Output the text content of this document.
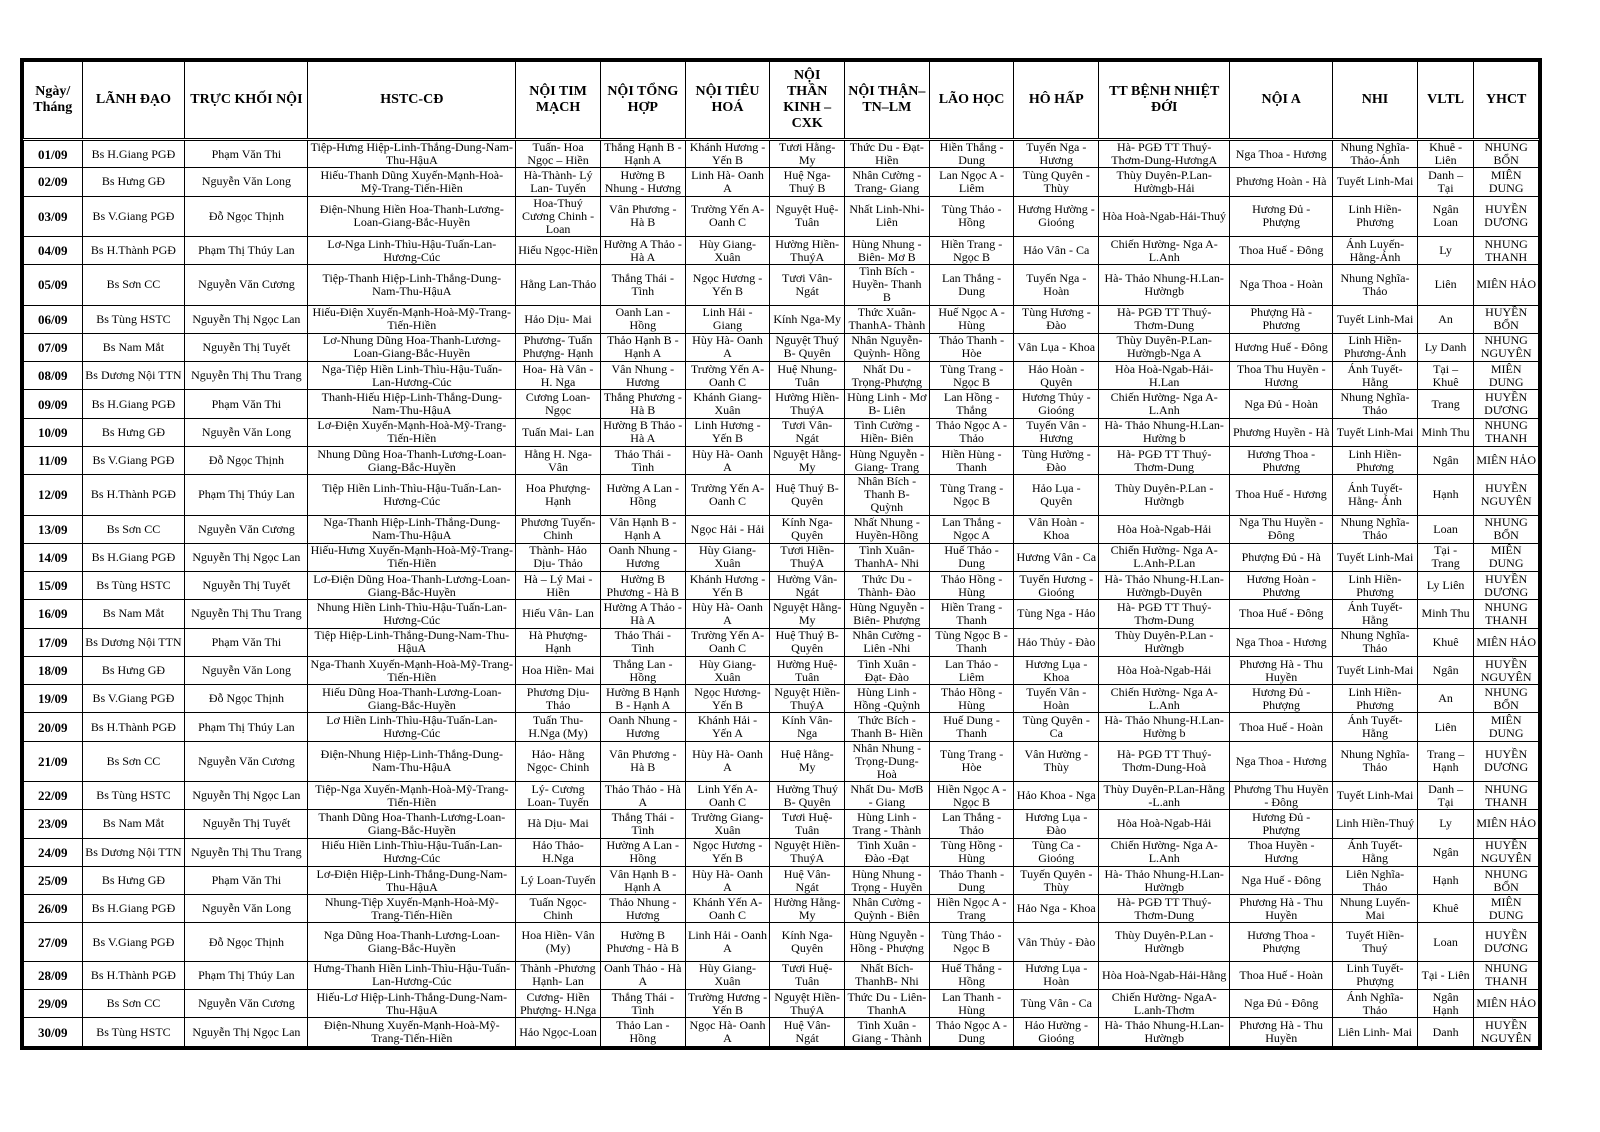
Ngày/ Tháng	LÃNH ĐẠO	TRỰC KHỐI NỘI	HSTC-CĐ	NỘI TIM MẠCH	NỘI TỔNG HỢP	NỘI TIÊU HOÁ	NỘI THẦN KINH – CXK	NỘI THẬN–TN–LM	LÃO HỌC	HÔ HẤP	TT BỆNH NHIỆT ĐỚI	NỘI A	NHI	VLTL	YHCT
01/09	Bs H.Giang PGĐ	Phạm Văn Thi	Tiệp-Hưng Hiệp-Linh-Thắng-Dung-Nam-Thu-HậuA	Tuấn- Hoa Ngọc – Hiền	Thắng Hạnh B - Hạnh A	Khánh Hương - Yến B	Tươi Hằng-My	Thức Du - Đạt-Hiền	Hiền Thắng - Dung	Tuyến Nga - Hương	Hà- PGĐ TT Thuý-Thơm-Dung-HươngA	Nga Thoa - Hương	Nhung Nghĩa-Thảo-Ánh	Khuê - Liên	NHUNG BỔN
02/09	Bs Hưng GĐ	Nguyễn Văn Long	Hiếu-Thanh Dũng Xuyến-Mạnh-Hoà-Mỹ-Trang-Tiến-Hiền	Hà-Thành- Lý Lan- Tuyến	Hường B Nhung - Hương	Linh Hà- Oanh A	Huệ Nga-Thuý B	Nhân Cường - Trang- Giang	Lan Ngọc A - Liêm	Tùng Quyên - Thùy	Thùy Duyên-P.Lan-Hườngb-Hải	Phương Hoàn - Hà	Tuyết Linh-Mai	Danh – Tại	MIÊN DUNG
03/09	Bs V.Giang PGĐ	Đỗ Ngọc Thịnh	Điện-Nhung Hiền Hoa-Thanh-Lương-Loan-Giang-Bắc-Huyền	Hoa-Thuý Cương Chinh - Loan	Vân Phương - Hà B	Trường Yến A-Oanh C	Nguyệt Huệ-Tuân	Nhất Linh-Nhi- Liên	Tùng Thảo - Hồng	Hương Hường - Gioóng	Hòa Hoà-Ngab-Hải-Thuý	Hương Đủ - Phượng	Linh Hiền-Phương	Ngân Loan	HUYỀN DƯƠNG
04/09	Bs H.Thành PGĐ	Phạm Thị Thúy Lan	Lơ-Nga Linh-Thìu-Hậu-Tuấn-Lan-Hương-Cúc	Hiếu Ngọc-Hiền	Hường A Thảo - Hà A	Hùy Giang-Xuân	Hường Hiền-ThuýA	Hùng Nhung - Biên- Mơ B	Hiền Trang - Ngọc B	Hảo Vân - Ca	Chiến Hường- Nga A-L.Anh	Thoa Huế - Đông	Ánh Luyến-Hằng-Ánh	Ly	NHUNG THANH
05/09	Bs Sơn CC	Nguyễn Văn Cương	Tiệp-Thanh Hiệp-Linh-Thắng-Dung-Nam-Thu-HậuA	Hằng Lan-Thảo	Thắng Thái - Tình	Ngọc Hương - Yến B	Tươi Vân-Ngát	Tình Bích - Huyền- Thanh B	Lan Thắng - Dung	Tuyến Nga - Hoàn	Hà- Thảo Nhung-H.Lan-Hườngb	Nga Thoa - Hoàn	Nhung Nghĩa-Thảo	Liên	MIÊN HẢO
06/09	Bs Tùng HSTC	Nguyễn Thị Ngọc Lan	Hiếu-Điện Xuyến-Mạnh-Hoà-Mỹ-Trang-Tiến-Hiền	Hảo Dịu- Mai	Oanh Lan - Hồng	Linh Hải - Giang	Kính Nga-My	Thức Xuân-ThanhA- Thành	Huế Ngọc A - Hùng	Tùng Hương - Đào	Hà- PGĐ TT Thuý-Thơm-Dung	Phượng Hà - Phương	Tuyết Linh-Mai	An	HUYỀN BỔN
07/09	Bs Nam Mắt	Nguyễn Thị Tuyết	Lơ-Nhung Dũng Hoa-Thanh-Lương-Loan-Giang-Bắc-Huyền	Phương- Tuấn Phượng- Hạnh	Thảo Hạnh B - Hạnh A	Hùy Hà- Oanh A	Nguyệt Thuý B- Quyên	Nhân Nguyễn-Quỳnh- Hồng	Thảo Thanh - Hòe	Vân Lụa - Khoa	Thùy Duyên-P.Lan-Hườngb-Nga A	Hương Huế - Đông	Linh Hiền-Phương-Ánh	Ly Danh	NHUNG NGUYÊN
08/09	Bs Dương Nội TTN	Nguyễn Thị Thu Trang	Nga-Tiệp Hiền Linh-Thìu-Hậu-Tuấn-Lan-Hương-Cúc	Hoa- Hà Vân - H. Nga	Vân Nhung - Hương	Trường Yến A-Oanh C	Huệ Nhung-Tuân	Nhất Du - Trọng-Phượng	Tùng Trang - Ngọc B	Hảo Hoàn - Quyên	Hòa Hoà-Ngab-Hải-H.Lan	Thoa Thu Huyền - Hương	Ánh Tuyết-Hằng	Tại – Khuê	MIÊN DUNG
09/09	Bs H.Giang PGĐ	Phạm Văn Thi	Thanh-Hiếu Hiệp-Linh-Thắng-Dung-Nam-Thu-HậuA	Cương Loan-Ngọc	Thắng Phương - Hà B	Khánh Giang-Xuân	Hường Hiền-ThuýA	Hùng Linh - Mơ B- Liên	Lan Hồng - Thắng	Hương Thủy - Gioóng	Chiến Hường- Nga A-L.Anh	Nga Đủ - Hoàn	Nhung Nghĩa-Thảo	Trang	HUYỀN DƯƠNG
10/09	Bs Hưng GĐ	Nguyễn Văn Long	Lơ-Điện Xuyến-Mạnh-Hoà-Mỹ-Trang-Tiến-Hiền	Tuấn Mai- Lan	Hường B Thảo - Hà A	Linh Hương - Yến B	Tươi Vân-Ngát	Tình Cường - Hiền- Biên	Thảo Ngọc A - Thảo	Tuyến Vân - Hương	Hà- Thảo Nhung-H.Lan-Hường b	Phương Huyền - Hà	Tuyết Linh-Mai	Minh Thu	NHUNG THANH
11/09	Bs V.Giang PGĐ	Đỗ Ngọc Thịnh	Nhung Dũng Hoa-Thanh-Lương-Loan-Giang-Bắc-Huyền	Hằng H. Nga-Vân	Thảo Thái - Tình	Hùy Hà- Oanh A	Nguyệt Hằng- My	Hùng Nguyễn - Giang- Trang	Hiền Hùng - Thanh	Tùng Hường - Đào	Hà- PGĐ TT Thuý-Thơm-Dung	Hương Thoa - Phương	Linh Hiền-Phương	Ngân	MIÊN HẢO
12/09	Bs H.Thành PGĐ	Phạm Thị Thúy Lan	Tiệp Hiền Linh-Thìu-Hậu-Tuấn-Lan-Hương-Cúc	Hoa Phượng-Hạnh	Hường A Lan - Hồng	Trường Yến A-Oanh C	Huệ Thuý B-Quyên	Nhân Bích - Thanh B- Quỳnh	Tùng Trang - Ngọc B	Hảo Lụa - Quyên	Thùy Duyên-P.Lan -Hườngb	Thoa Huế - Hương	Ánh Tuyết-Hằng- Ánh	Hạnh	HUYỀN NGUYÊN
13/09	Bs Sơn CC	Nguyễn Văn Cương	Nga-Thanh Hiệp-Linh-Thắng-Dung-Nam-Thu-HậuA	Phương Tuyến-Chinh	Vân Hạnh B - Hạnh A	Ngọc Hải - Hải	Kính Nga-Quyên	Nhất Nhung - Huyền-Hồng	Lan Thắng - Ngọc A	Vân Hoàn - Khoa	Hòa Hoà-Ngab-Hải	Nga Thu Huyền - Đông	Nhung Nghĩa-Thảo	Loan	NHUNG BỔN
14/09	Bs H.Giang PGĐ	Nguyễn Thị Ngọc Lan	Hiếu-Hưng Xuyến-Mạnh-Hoà-Mỹ-Trang-Tiến-Hiền	Thành- Hảo Dịu- Thảo	Oanh Nhung - Hương	Hùy Giang-Xuân	Tươi Hiền-ThuýA	Tình Xuân-ThanhA- Nhi	Huế Thảo - Dung	Hương Vân - Ca	Chiến Hường- Nga A-L.Anh-P.Lan	Phượng Đủ - Hà	Tuyết Linh-Mai	Tại - Trang	MIÊN DUNG
15/09	Bs Tùng HSTC	Nguyễn Thị Tuyết	Lơ-Điện Dũng Hoa-Thanh-Lương-Loan-Giang-Bắc-Huyền	Hà – Lý Mai - Hiền	Hường B Phương - Hà B	Khánh Hương - Yến B	Hường Vân-Ngát	Thức Du - Thành- Đào	Thảo Hồng - Hùng	Tuyến Hương - Gioóng	Hà- Thảo Nhung-H.Lan-Hườngb-Duyên	Hương Hoàn - Phương	Linh Hiền-Phương	Ly Liên	HUYỀN DƯƠNG
16/09	Bs Nam Mắt	Nguyễn Thị Thu Trang	Nhung Hiền Linh-Thìu-Hậu-Tuấn-Lan-Hương-Cúc	Hiếu Vân- Lan	Hường A Thảo - Hà A	Hùy Hà- Oanh A	Nguyệt Hằng- My	Hùng Nguyễn - Biên- Phượng	Hiền Trang - Thanh	Tùng Nga - Hảo	Hà- PGĐ TT Thuý-Thơm-Dung	Thoa Huế - Đông	Ánh Tuyết-Hằng	Minh Thu	NHUNG THANH
17/09	Bs Dương Nội TTN	Phạm Văn Thi	Tiệp Hiệp-Linh-Thắng-Dung-Nam-Thu-HậuA	Hà Phượng-Hạnh	Thảo Thái - Tình	Trường Yến A-Oanh C	Huệ Thuý B-Quyên	Nhân Cường - Liên -Nhi	Tùng Ngọc B - Thanh	Hảo Thủy - Đào	Thùy Duyên-P.Lan -Hườngb	Nga Thoa - Hương	Nhung Nghĩa-Thảo	Khuê	MIÊN HẢO
18/09	Bs Hưng GĐ	Nguyễn Văn Long	Nga-Thanh Xuyến-Mạnh-Hoà-Mỹ-Trang-Tiến-Hiền	Hoa Hiền- Mai	Thắng Lan - Hồng	Hùy Giang-Xuân	Hường Huệ-Tuân	Tình Xuân - Đạt- Đào	Lan Thảo - Liêm	Hương Lụa - Khoa	Hòa Hoà-Ngab-Hải	Phương Hà - Thu Huyền	Tuyết Linh-Mai	Ngân	HUYỀN NGUYÊN
19/09	Bs V.Giang PGĐ	Đỗ Ngọc Thịnh	Hiếu Dũng Hoa-Thanh-Lương-Loan-Giang-Bắc-Huyền	Phương Dịu-Thảo	Hường B Hạnh B - Hạnh A	Ngọc Hương-Yến B	Nguyệt Hiền-ThuýA	Hùng Linh - Hồng -Quỳnh	Thảo Hồng - Hùng	Tuyến Vân - Hoàn	Chiến Hường- Nga A-L.Anh	Hương Đủ - Phượng	Linh Hiền-Phương	An	NHUNG BỔN
20/09	Bs H.Thành PGĐ	Phạm Thị Thúy Lan	Lơ Hiền Linh-Thìu-Hậu-Tuấn-Lan-Hương-Cúc	Tuấn Thu-H.Nga (My)	Oanh Nhung - Hương	Khánh Hải - Yến A	Kính Vân-Nga	Thức Bích - Thanh B- Hiền	Huế Dung - Thanh	Tùng Quyên - Ca	Hà- Thảo Nhung-H.Lan-Hường b	Thoa Huế - Hoàn	Ánh Tuyết-Hằng	Liên	MIÊN DUNG
21/09	Bs Sơn CC	Nguyễn Văn Cương	Điện-Nhung Hiệp-Linh-Thắng-Dung-Nam-Thu-HậuA	Hảo- Hằng Ngọc- Chinh	Vân Phương - Hà B	Hùy Hà- Oanh A	Huệ Hằng-My	Nhân Nhung - Trọng-Dung-Hoà	Tùng Trang - Hòe	Vân Hường - Thùy	Hà- PGĐ TT Thuý-Thơm-Dung-Hoà	Nga Thoa - Hương	Nhung Nghĩa-Thảo	Trang – Hạnh	HUYỀN DƯƠNG
22/09	Bs Tùng HSTC	Nguyễn Thị Ngọc Lan	Tiệp-Nga Xuyến-Mạnh-Hoà-Mỹ-Trang-Tiến-Hiền	Lý- Cương Loan- Tuyến	Thảo Thảo - Hà A	Linh Yến A-Oanh C	Hường Thuý B- Quyên	Nhất Du- MơB - Giang	Hiền Ngọc A - Ngọc B	Hảo Khoa - Nga	Thùy Duyên-P.Lan-Hằng -L.anh	Phương Thu Huyền - Đông	Tuyết Linh-Mai	Danh – Tại	NHUNG THANH
23/09	Bs Nam Mắt	Nguyễn Thị Tuyết	Thanh Dũng Hoa-Thanh-Lương-Loan-Giang-Bắc-Huyền	Hà Dịu- Mai	Thắng Thái - Tình	Trường Giang-Xuân	Tươi Huệ-Tuân	Hùng Linh - Trang - Thành	Lan Thắng - Thảo	Hương Lụa - Đào	Hòa Hoà-Ngab-Hải	Hương Đủ - Phượng	Linh Hiền-Thuý	Ly	MIÊN HẢO
24/09	Bs Dương Nội TTN	Nguyễn Thị Thu Trang	Hiếu Hiền Linh-Thìu-Hậu-Tuấn-Lan-Hương-Cúc	Hảo Thảo-H.Nga	Hường A Lan - Hồng	Ngọc Hương - Yến B	Nguyệt Hiền-ThuýA	Tình Xuân - Đào -Đạt	Tùng Hồng - Hùng	Tùng Ca - Gioóng	Chiến Hường- Nga A-L.Anh	Thoa Huyền - Hương	Ánh Tuyết-Hằng	Ngân	HUYỀN NGUYÊN
25/09	Bs Hưng GĐ	Phạm Văn Thi	Lơ-Điện Hiệp-Linh-Thắng-Dung-Nam-Thu-HậuA	Lý Loan-Tuyến	Vân Hạnh B - Hạnh A	Hùy Hà- Oanh A	Huệ Vân-Ngát	Hùng Nhung - Trọng - Huyền	Thảo Thanh - Dung	Tuyến Quyên - Thùy	Hà- Thảo Nhung-H.Lan-Hườngb	Nga Huế - Đông	Liên Nghĩa-Thảo	Hạnh	NHUNG BỔN
26/09	Bs H.Giang PGĐ	Nguyễn Văn Long	Nhung-Tiệp Xuyến-Mạnh-Hoà-Mỹ-Trang-Tiến-Hiền	Tuấn Ngọc-Chinh	Thảo Nhung - Hương	Khánh Yến A-Oanh C	Hường Hằng-My	Nhân Cường - Quỳnh - Biên	Hiền Ngọc A - Trang	Hảo Nga - Khoa	Hà- PGĐ TT Thuý-Thơm-Dung	Phương Hà - Thu Huyền	Nhung Luyến-Mai	Khuê	MIÊN DUNG
27/09	Bs V.Giang PGĐ	Đỗ Ngọc Thịnh	Nga Dũng Hoa-Thanh-Lương-Loan-Giang-Bắc-Huyền	Hoa Hiền- Vân (My)	Hường B Phương - Hà B	Linh Hải - Oanh A	Kính Nga-Quyên	Hùng Nguyễn - Hồng - Phượng	Tùng Thảo - Ngọc B	Vân Thủy - Đào	Thùy Duyên-P.Lan -Hườngb	Hương Thoa - Phượng	Tuyết Hiền-Thuý	Loan	HUYỀN DƯƠNG
28/09	Bs H.Thành PGĐ	Phạm Thị Thúy Lan	Hưng-Thanh Hiền Linh-Thìu-Hậu-Tuấn-Lan-Hương-Cúc	Thành -Phương Hạnh- Lan	Oanh Thảo - Hà A	Hùy Giang-Xuân	Tươi Huệ-Tuân	Nhất Bích-ThanhB- Nhi	Huế Thắng - Hồng	Hương Lụa - Hoàn	Hòa Hoà-Ngab-Hải-Hằng	Thoa Huế - Hoàn	Linh Tuyết-Phượng	Tại - Liên	NHUNG THANH
29/09	Bs Sơn CC	Nguyễn Văn Cương	Hiếu-Lơ Hiệp-Linh-Thắng-Dung-Nam-Thu-HậuA	Cương- Hiền Phượng- H.Nga	Thắng Thái - Tình	Trường Hương - Yến B	Nguyệt Hiền-ThuýA	Thức Du - Liên-ThanhA	Lan Thanh - Hùng	Tùng Vân - Ca	Chiến Hường- NgaA-L.anh-Thơm	Nga Đủ - Đông	Ánh Nghĩa-Thảo	Ngân Hạnh	MIÊN HẢO
30/09	Bs Tùng HSTC	Nguyễn Thị Ngọc Lan	Điện-Nhung Xuyến-Mạnh-Hoà-Mỹ-Trang-Tiến-Hiền	Hảo Ngọc-Loan	Thảo Lan - Hồng	Ngọc Hà- Oanh A	Huệ Vân-Ngát	Tình Xuân - Giang - Thành	Thảo Ngọc A - Dung	Hảo Hường - Gioóng	Hà- Thảo Nhung-H.Lan-Hườngb	Phương Hà - Thu Huyền	Liên Linh- Mai	Danh	HUYỀN NGUYÊN
